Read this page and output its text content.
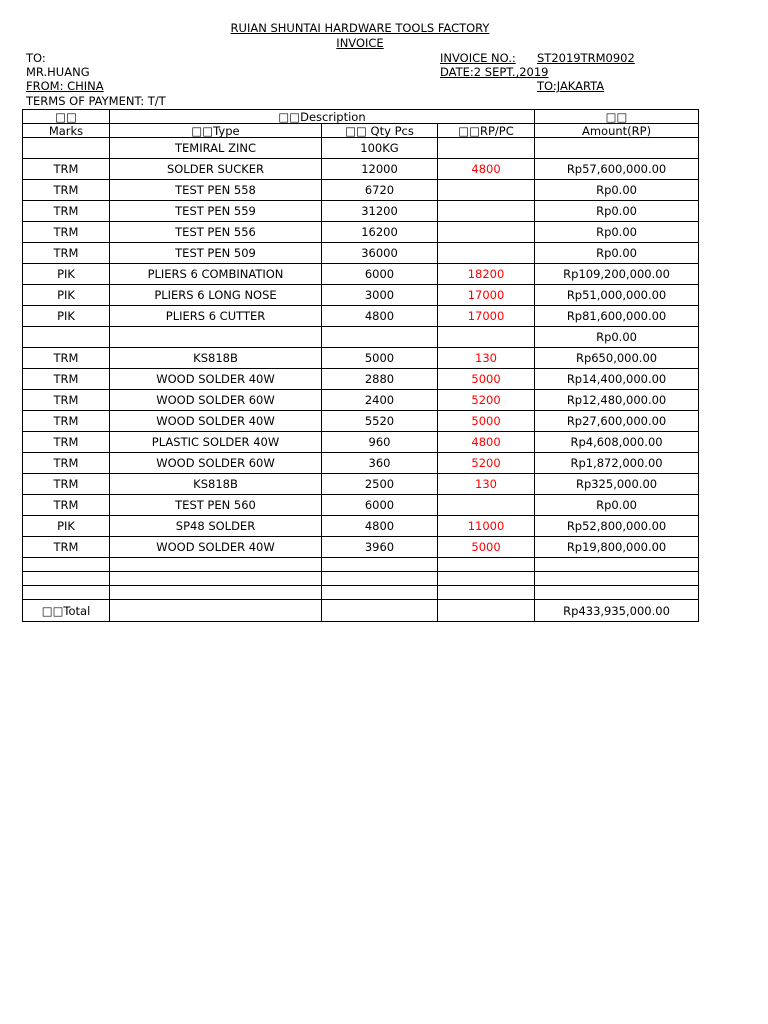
RUIAN SHUNTAI HARDWARE TOOLS FACTORY
INVOICE
TO:
MR.HUANG
FROM: CHINA
TERMS OF PAYMENT: T/T
INVOICE NO.: ST2019TRM0902
DATE:2 SEPT.,2019
TO:JAKARTA
□□	□□Description			□□
Marks	□□Type	□□ Qty Pcs	□□RP/PC	Amount(RP)
	TEMIRAL ZINC	100KG		
TRM	SOLDER SUCKER	12000	4800	Rp57,600,000.00
TRM	TEST PEN 558	6720		Rp0.00
TRM	TEST PEN 559	31200		Rp0.00
TRM	TEST PEN 556	16200		Rp0.00
TRM	TEST PEN 509	36000		Rp0.00
PIK	PLIERS 6 COMBINATION	6000	18200	Rp109,200,000.00
PIK	PLIERS 6 LONG NOSE	3000	17000	Rp51,000,000.00
PIK	PLIERS 6 CUTTER	4800	17000	Rp81,600,000.00
				Rp0.00
TRM	KS818B	5000	130	Rp650,000.00
TRM	WOOD SOLDER 40W	2880	5000	Rp14,400,000.00
TRM	WOOD SOLDER 60W	2400	5200	Rp12,480,000.00
TRM	WOOD SOLDER 40W	5520	5000	Rp27,600,000.00
TRM	PLASTIC SOLDER 40W	960	4800	Rp4,608,000.00
TRM	WOOD SOLDER 60W	360	5200	Rp1,872,000.00
TRM	KS818B	2500	130	Rp325,000.00
TRM	TEST PEN 560	6000		Rp0.00
PIK	SP48 SOLDER	4800	11000	Rp52,800,000.00
TRM	WOOD SOLDER 40W	3960	5000	Rp19,800,000.00

□□Total				Rp433,935,000.00
